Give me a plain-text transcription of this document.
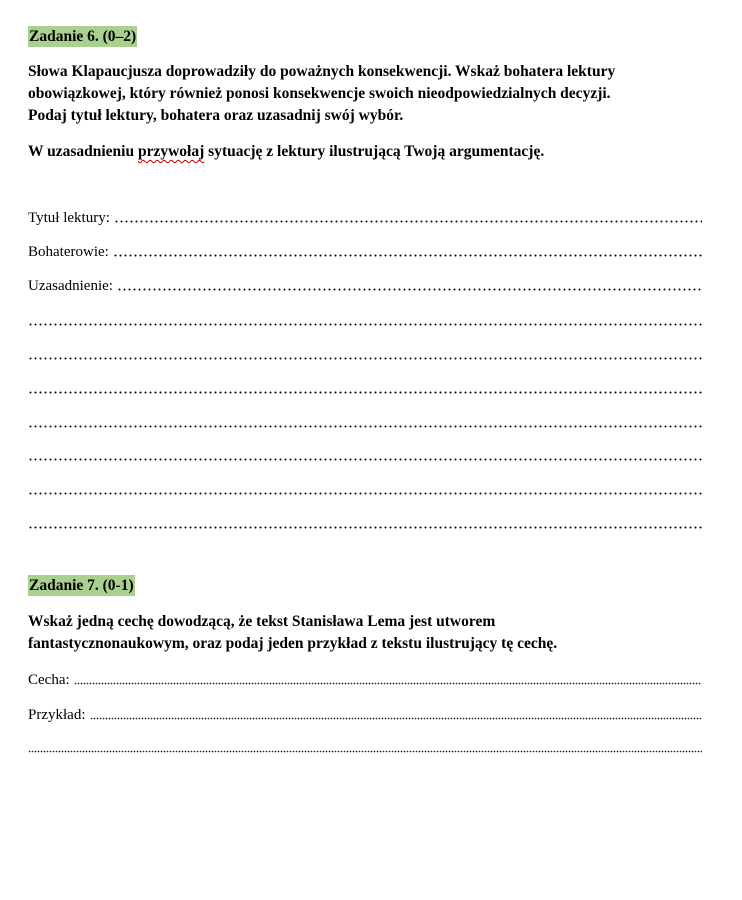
Zadanie 6. (0–2)
Słowa Klapaucjusza doprowadziły do poważnych konsekwencji. Wskaż bohatera lektury
obowiązkowej, który również ponosi konsekwencje swoich nieodpowiedzialnych decyzji.
Podaj tytuł lektury, bohatera oraz uzasadnij swój wybór.
W uzasadnieniu przywołaj sytuację z lektury ilustrującą Twoją argumentację.
Tytuł lektury:
Bohaterowie:
Uzasadnienie:
Zadanie 7. (0-1)
Wskaż jedną cechę dowodzącą, że tekst Stanisława Lema jest utworem
fantastycznonaukowym, oraz podaj jeden przykład z tekstu ilustrujący tę cechę.
Cecha:
Przykład:
